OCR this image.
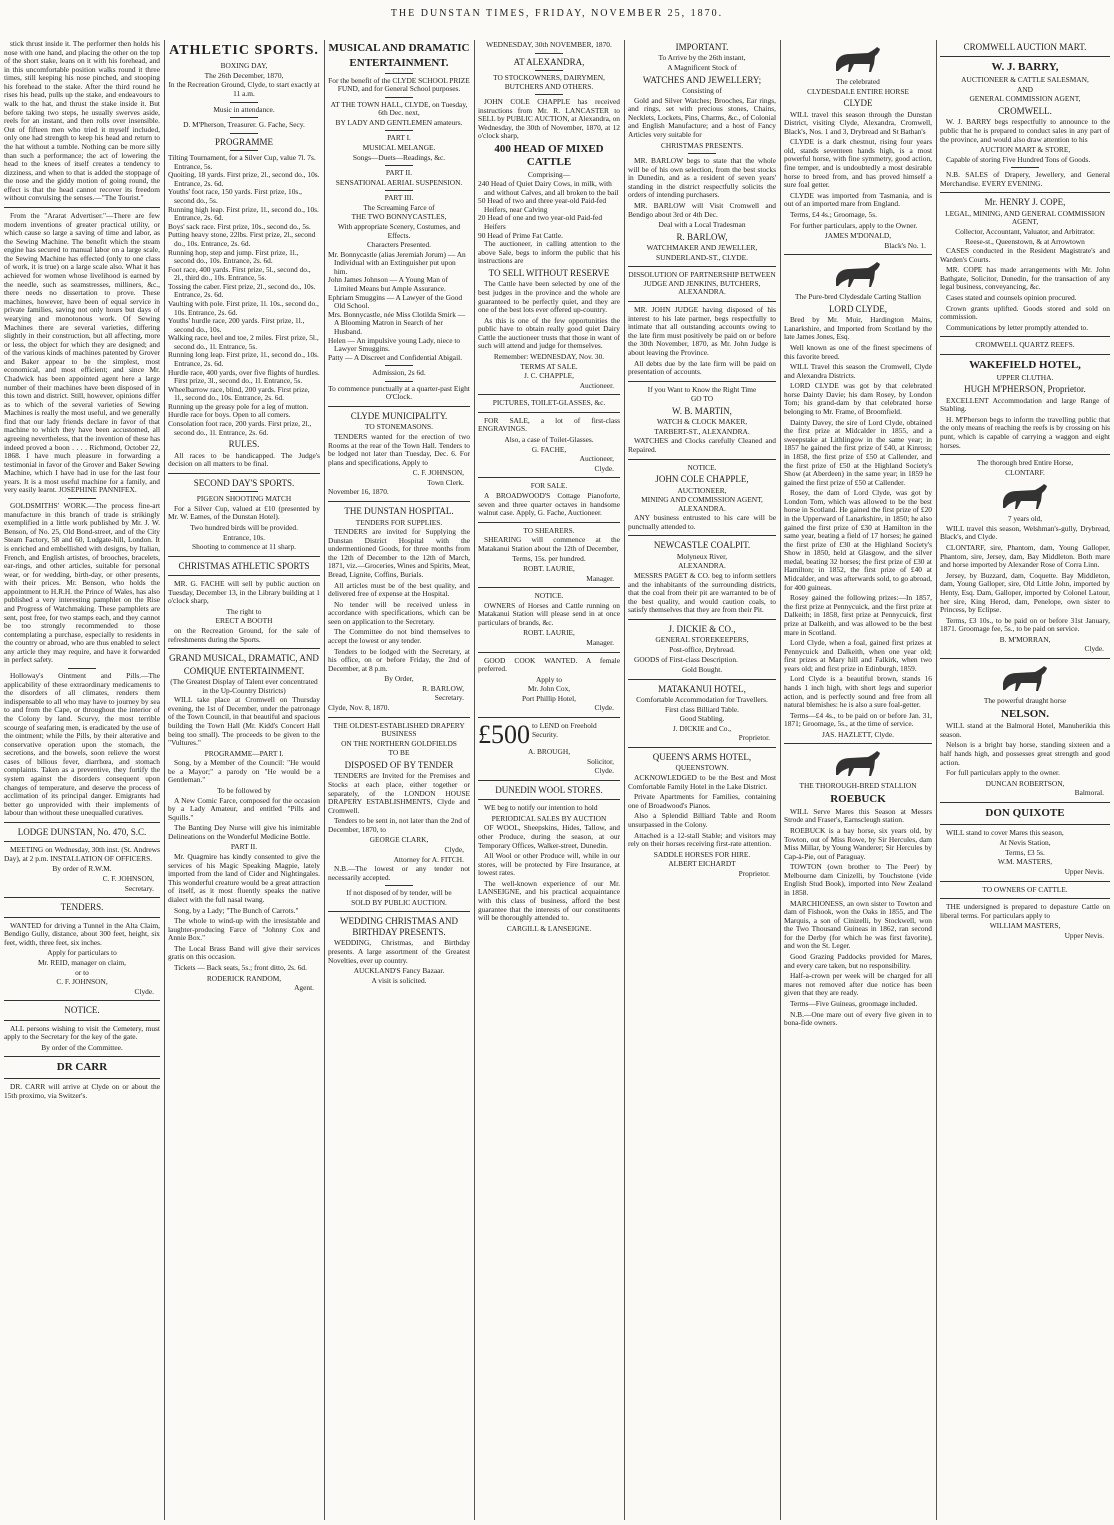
THE DUNSTAN TIMES, FRIDAY, NOVEMBER 25, 1870.

stick thrust inside it. The performer then holds his nose with one hand, and placing the other on the top of the short stake, leans on it with his forehead, and in this uncomfortable position walks round it three times, still keeping his nose pinched, and stooping his forehead to the stake. After the third round he rises his head, pulls up the stake, and endeavours to walk to the hat, and thrust the stake inside it. But before taking two steps, he usually swerves aside, reels for an instant, and then rolls over insensible. Out of fifteen men who tried it myself included, only one had strength to keep his head and return to the hat without a tumble. Nothing can be more silly than such a performance; the act of lowering the head to the knees of itself creates a tendency to dizziness, and when to that is added the stoppage of the nose and the giddy motion of going round, the effect is that the head cannot recover its freedom without convulsing the senses.—"The Tourist."

From the "Ararat Advertiser."—There are few modern inventions of greater practical utility, or which cause so large a saving of time and labor, as the Sewing Machine. The benefit which the steam engine has secured to manual labor on a large scale, the Sewing Machine has effected (only to one class of work, it is true) on a large scale also. What it has achieved for women whose livelihood is earned by the needle, such as seamstresses, milliners, &c., there needs no dissertation to prove. These machines, however, have been of equal service in private families, saving not only hours but days of wearying and monotonous work. Of Sewing Machines there are several varieties, differing slightly in their construction, but all affecting, more or less, the object for which they are designed; and of the various kinds of machines patented by Grover and Baker appear to be the simplest, most economical, and most efficient; and since Mr. Chadwick has been appointed agent here a large number of their machines have been disposed of in this town and district. Still, however, opinions differ as to which of the several varieties of Sewing Machines is really the most useful, and we generally find that our lady friends declare in favor of that machine to which they have been accustomed, all agreeing nevertheless, that the invention of these has indeed proved a boon . . . . Richmond, October 22, 1868. I have much pleasure in forwarding a testimonial in favor of the Grover and Baker Sewing Machine, which I have had in use for the last four years. It is a most useful machine for a family, and very easily learnt. JOSEPHINE PANNIFEX.

GOLDSMITHS' WORK.—The process fine-art manufacture in this branch of trade is strikingly exemplified in a little work published by Mr. J. W. Benson, of No. 25, Old Bond-street, and of the City Steam Factory, 58 and 60, Ludgate-hill, London. It is enriched and embellished with designs, by Italian, French, and English artistes, of brooches, bracelets, ear-rings, and other articles, suitable for personal wear, or for wedding, birth-day, or other presents, with their prices. Mr. Benson, who holds the appointment to H.R.H. the Prince of Wales, has also published a very interesting pamphlet on the Rise and Progress of Watchmaking. These pamphlets are sent, post free, for two stamps each, and they cannot be too strongly recommended to those contemplating a purchase, especially to residents in the country or abroad, who are thus enabled to select any article they may require, and have it forwarded in perfect safety.

Holloway's Ointment and Pills.—The applicability of these extraordinary medicaments to the disorders of all climates, renders them indispensable to all who may have to journey by sea to and from the Cape, or throughout the interior of the Colony by land. Scurvy, the most terrible scourge of seafaring men, is eradicated by the use of the ointment; while the Pills, by their alterative and conservative operation upon the stomach, the secretions, and the bowels, soon relieve the worst cases of bilious fever, diarrhœa, and stomach complaints. Taken as a preventive, they fortify the system against the disorders consequent upon changes of temperature, and deserve the process of acclimation of its principal danger. Emigrants had better go unprovided with their implements of labour than without these unequalled curatives.

LODGE DUNSTAN, No. 470, S.C.

MEETING on Wednesday, 30th inst. (St. Andrews Day), at 2 p.m. INSTALLATION OF OFFICERS.

By order of R.W.M.
C. F. JOHNSON,
Secretary.
TENDERS.

WANTED for driving a Tunnel in the Alta Claim, Bendigo Gully, distance, about 300 feet, height, six feet, width, three feet, six inches.

Apply for particulars to
Mr. REID, manager on claim,
or to
C. F. JOHNSON,
Clyde.
NOTICE.

ALL persons wishing to visit the Cemetery, must apply to the Secretary for the key of the gate.

By order of the Committee.
DR CARR

DR. CARR will arrive at Clyde on or about the 15th proximo, via Switzer's.

ATHLETIC SPORTS.
BOXING DAY,
The 26th December, 1870,
In the Recreation Ground, Clyde, to start exactly at 11 a.m.
Music in attendance.
D. M'Pherson, Treasurer. G. Fache, Secy.
PROGRAMME
Tilting Tournament, for a Silver Cup, value 7l. 7s. Entrance, 5s.
Quoiting, 18 yards. First prize, 2l., second do., 10s. Entrance, 2s. 6d.
Youths' foot race, 150 yards. First prize, 10s., second do., 5s.
Running high leap. First prize, 1l., second do., 10s. Entrance, 2s. 6d.
Boys' sack race. First prize, 10s., second do., 5s.
Putting heavy stone, 22lbs. First prize, 2l., second do., 10s. Entrance, 2s. 6d.
Running hop, step and jump. First prize, 1l., second do., 10s. Entrance, 2s. 6d.
Foot race, 400 yards. First prize, 5l., second do., 2l., third do., 10s. Entrance, 5s.
Tossing the caber. First prize, 2l., second do., 10s. Entrance, 2s. 6d.
Vaulting with pole. First prize, 1l. 10s., second do., 10s. Entrance, 2s. 6d.
Youths' hurdle race, 200 yards. First prize, 1l., second do., 10s.
Walking race, heel and toe, 2 miles. First prize, 5l., second do., 1l. Entrance, 5s.
Running long leap. First prize, 1l., second do., 10s. Entrance, 2s. 6d.
Hurdle race, 400 yards, over five flights of hurdles. First prize, 3l., second do., 1l. Entrance, 5s.
Wheelbarrow race, blind, 200 yards. First prize, 1l., second do., 10s. Entrance, 2s. 6d.
Running up the greasy pole for a leg of mutton.
Hurdle race for boys. Open to all comers.
Consolation foot race, 200 yards. First prize, 2l., second do., 1l. Entrance, 2s. 6d.
RULES.

All races to be handicapped. The Judge's decision on all matters to be final.

SECOND DAY'S SPORTS.
PIGEON SHOOTING MATCH

For a Silver Cup, valued at £10 (presented by Mr. W. Eames, of the Dunstan Hotel).

Two hundred birds will be provided.
Entrance, 10s.
Shooting to commence at 11 sharp.
CHRISTMAS ATHLETIC SPORTS

MR. G. FACHE will sell by public auction on Tuesday, December 13, in the Library building at 1 o'clock sharp,

The right to
ERECT A BOOTH

on the Recreation Ground, for the sale of refreshments during the Sports.

GRAND MUSICAL, DRAMATIC, AND
COMIQUE ENTERTAINMENT.
(The Greatest Display of Talent ever concentrated in the Up-Country Districts)

WILL take place at Cromwell on Thursday evening, the 1st of December, under the patronage of the Town Council, in that beautiful and spacious building the Town Hall (Mr. Kidd's Concert Hall being too small). The proceeds to be given to the "Vultures."

PROGRAMME—PART I.

Song, by a Member of the Council: "He would be a Mayor;" a parody on "He would be a Gentleman."

To be followed by

A New Comic Farce, composed for the occasion by a Lady Amateur, and entitled "Pills and Squills."

The Banting Dey Nurse will give his inimitable Delineations on the Wonderful Medicine Bottle.

PART II.

Mr. Quagmire has kindly consented to give the services of his Magic Speaking Magpie, lately imported from the land of Cider and Nightingales. This wonderful creature would be a great attraction of itself, as it most fluently speaks the native dialect with the full nasal twang.

Song, by a Lady; "The Bunch of Carrots."

The whole to wind-up with the irresistable and laughter-producing Farce of "Johnny Cox and Annie Box."

The Local Brass Band will give their services gratis on this occasion.

Tickets — Back seats, 5s.; front ditto, 2s. 6d.

RODERICK RANDOM,
Agent.
MUSICAL AND DRAMATIC
ENTERTAINMENT.
For the benefit of the CLYDE SCHOOL PRIZE FUND, and for General School purposes.
AT THE TOWN HALL, CLYDE, on Tuesday, 6th Dec. next,
BY LADY AND GENTLEMEN amateurs.
PART I.
MUSICAL MELANGE.
Songs—Duets—Readings, &c.
PART II.
SENSATIONAL AERIAL SUSPENSION.
PART III.
The Screaming Farce of
THE TWO BONNYCASTLES,
With appropriate Scenery, Costumes, and Effects.
Characters Presented.
Mr. Bonnycastle (alias Jeremiah Jorum) — An Individual with an Extinguisher put upon him.
John James Johnson — A Young Man of Limited Means but Ample Assurance.
Ephriam Smuggins — A Lawyer of the Good Old School.
Mrs. Bonnycastle, née Miss Clotilda Smirk — A Blooming Matron in Search of her Husband.
Helen — An impulsive young Lady, niece to Lawyer Smuggins.
Patty — A Discreet and Confidential Abigail.
Admission, 2s 6d.
To commence punctually at a quarter-past Eight O'Clock.
CLYDE MUNICIPALITY.
TO STONEMASONS.

TENDERS wanted for the erection of two Rooms at the rear of the Town Hall. Tenders to be lodged not later than Tuesday, Dec. 6. For plans and specifications, Apply to

C. F. JOHNSON,
Town Clerk.
November 16, 1870.
THE DUNSTAN HOSPITAL.
TENDERS FOR SUPPLIES.

TENDERS are invited for Supplying the Dunstan District Hospital with the undermentioned Goods, for three months from the 12th of December to the 12th of March, 1871, viz.—Groceries, Wines and Spirits, Meat, Bread, Lignite, Coffins, Burials.

All articles must be of the best quality, and delivered free of expense at the Hospital.

No tender will be received unless in accordance with specifications, which can be seen on application to the Secretary.

The Committee do not bind themselves to accept the lowest or any tender.

Tenders to be lodged with the Secretary, at his office, on or before Friday, the 2nd of December, at 8 p.m.

By Order,
R. BARLOW,
Secretary.
Clyde, Nov. 8, 1870.
THE OLDEST-ESTABLISHED DRAPERY BUSINESS
ON THE NORTHERN GOLDFIELDS
TO BE
DISPOSED OF BY TENDER

TENDERS are Invited for the Premises and Stocks at each place, either together or separately, of the LONDON HOUSE DRAPERY ESTABLISHMENTS, Clyde and Cromwell.

Tenders to be sent in, not later than the 2nd of December, 1870, to

GEORGE CLARK,
Clyde,
Attorney for A. FITCH.

N.B.—The lowest or any tender not necessarily accepted.

If not disposed of by tender, will be
SOLD BY PUBLIC AUCTION.
WEDDING CHRISTMAS AND BIRTHDAY PRESENTS.

WEDDING, Christmas, and Birthday presents. A large assortment of the Greatest Novelties, ever up country.

AUCKLAND'S Fancy Bazaar.
A visit is solicited.
WEDNESDAY, 30th NOVEMBER, 1870.
AT ALEXANDRA,
TO STOCKOWNERS, DAIRYMEN, BUTCHERS AND OTHERS.

JOHN COLE CHAPPLE has received instructions from Mr. R. LANCASTER to SELL by PUBLIC AUCTION, at Alexandra, on Wednesday, the 30th of November, 1870, at 12 o'clock sharp,

400 HEAD OF MIXED CATTLE
Comprising—
240 Head of Quiet Dairy Cows, in milk, with and without Calves, and all broken to the bail
50 Head of two and three year-old Paid-fed Heifers, near Calving
20 Head of one and two year-old Paid-fed Heifers
90 Head of Prime Fat Cattle.

The auctioneer, in calling attention to the above Sale, begs to inform the public that his instructions are

TO SELL WITHOUT RESERVE

The Cattle have been selected by one of the best judges in the province and the whole are guaranteed to be perfectly quiet, and they are one of the best lots ever offered up-country.

As this is one of the few opportunities the public have to obtain really good quiet Dairy Cattle the auctioneer trusts that those in want of such will attend and judge for themselves.

Remember: WEDNESDAY, Nov. 30.
TERMS AT SALE.
J. C. CHAPPLE,
Auctioneer.
PICTURES, TOILET-GLASSES, &c.

FOR SALE, a lot of first-class ENGRAVINGS.

Also, a case of Toilet-Glasses.
G. FACHE,
Auctioneer,
Clyde.
FOR SALE.

A BROADWOOD'S Cottage Pianoforte, seven and three quarter octaves in handsome walnut case. Apply, G. Fache, Auctioneer.

TO SHEARERS.

SHEARING will commence at the Matakanui Station about the 12th of December,

Terms, 15s. per hundred.
ROBT. LAURIE,
Manager.
NOTICE.

OWNERS of Horses and Cattle running on Matakanui Station will please send in at once particulars of brands, &c.

ROBT. LAURIE,
Manager.

GOOD COOK WANTED. A female preferred.

Apply to
Mr. John Cox,
Port Phillip Hotel,
Clyde.
£500 to LEND on Freehold Security.
A. BROUGH,
Solicitor,
Clyde.
DUNEDIN WOOL STORES.

WE beg to notify our intention to hold

PERIODICAL SALES BY AUCTION

OF WOOL, Sheepskins, Hides, Tallow, and other Produce, during the season, at our Temporary Offices, Walker-street, Dunedin.

All Wool or other Produce will, while in our stores, will be protected by Fire Insurance, at lowest rates.

The well-known experience of our Mr. LANSEIGNE, and his practical acquaintance with this class of business, afford the best guarantee that the interests of our constituents will be thoroughly attended to.

CARGILL & LANSEIGNE.
IMPORTANT.
To Arrive by the 26th instant,
A Magnificent Stock of
WATCHES AND JEWELLERY;
Consisting of

Gold and Silver Watches; Brooches, Ear rings, and rings, set with precious stones, Chains, Necklets, Lockets, Pins, Charms, &c., of Colonial and English Manufacture; and a host of Fancy Articles very suitable for

CHRISTMAS PRESENTS.

MR. BARLOW begs to state that the whole will be of his own selection, from the best stocks in Dunedin, and as a resident of seven years' standing in the district respectfully solicits the orders of intending purchasers.

MR. BARLOW will Visit Cromwell and Bendigo about 3rd or 4th Dec.

Deal with a Local Tradesman
R. BARLOW,
WATCHMAKER AND JEWELLER,
SUNDERLAND-ST., CLYDE.
DISSOLUTION OF PARTNERSHIP BETWEEN JUDGE AND JENKINS, BUTCHERS, ALEXANDRA.

MR. JOHN JUDGE having disposed of his interest to his late partner, begs respectfully to intimate that all outstanding accounts owing to the late firm must positively be paid on or before the 30th November, 1870, as Mr. John Judge is about leaving the Province.

All debts due by the late firm will be paid on presentation of accounts.

If you Want to Know the Right Time
GO TO
W. B. MARTIN,
WATCH & CLOCK MAKER,
TARBERT-ST., ALEXANDRA.

WATCHES and Clocks carefully Cleaned and Repaired.

NOTICE.
JOHN COLE CHAPPLE,
AUCTIONEER,
MINING AND COMMISSION AGENT, ALEXANDRA.

ANY business entrusted to his care will be punctually attended to.

NEWCASTLE COALPIT.
Molyneux River,
ALEXANDRA.

MESSRS PAGET & CO. beg to inform settlers and the inhabitants of the surrounding districts, that the coal from their pit are warranted to be of the best quality, and would caution coals, to satisfy themselves that they are from their Pit.

J. DICKIE & CO.,
GENERAL STOREKEEPERS,
Post-office, Drybread.

GOODS of First-class Description.

Gold Bought.
MATAKANUI HOTEL,
Comfortable Accommodation for Travellers.
First class Billiard Table.
Good Stabling.
J. DICKIE and Co.,
Proprietor.
QUEEN'S ARMS HOTEL,
QUEENSTOWN.

ACKNOWLEDGED to be the Best and Most Comfortable Family Hotel in the Lake District.

Private Apartments for Families, containing one of Broadwood's Pianos.

Also a Splendid Billiard Table and Room unsurpassed in the Colony.

Attached is a 12-stall Stable; and visitors may rely on their horses receiving first-rate attention.

SADDLE HORSES FOR HIRE.
ALBERT EICHARDT
Proprietor.
The celebrated
CLYDESDALE ENTIRE HORSE
CLYDE

WILL travel this season through the Dunstan District, visiting Clyde, Alexandra, Cromwell, Black's, Nos. 1 and 3, Drybread and St Bathan's

CLYDE is a dark chestnut, rising four years old, stands seventeen hands high, is a most powerful horse, with fine symmetry, good action, fine temper, and is undoubtedly a most desirable horse to breed from, and has proved himself a sure foal getter.

CLYDE was imported from Tasmania, and is out of an imported mare from England.

Terms, £4 4s.; Groomage, 5s.

For further particulars, apply to the Owner.

JAMES M'DONALD,
Black's No. 1.
The Pure-bred Clydesdale Carting Stallion
LORD CLYDE,

Bred by Mr. Muir, Hardington Mains, Lanarkshire, and Imported from Scotland by the late James Jones, Esq.

Well known as one of the finest specimens of this favorite breed.

WILL Travel this season the Cromwell, Clyde and Alexandra Districts.

LORD CLYDE was got by that celebrated horse Dainty Davie; his dam Rosey, by London Tom; his grand-dam by that celebrated horse belonging to Mr. Frame, of Broomfield.

Dainty Davey, the sire of Lord Clyde, obtained the first prize at Midcalder in 1855, and a sweepstake at Lithlingow in the same year; in 1857 he gained the first prize of £40, at Kinross; in 1858, the first prize of £50 at Callender, and the first prize of £50 at the Highland Society's Show (at Aberdeen) in the same year; in 1859 he gained the first prize of £50 at Callender.

Rosey, the dam of Lord Clyde, was got by London Tom, which was allowed to be the best horse in Scotland. He gained the first prize of £20 in the Upperward of Lanarkshire, in 1850; he also gained the first prize of £30 at Hamilton in the same year, beating a field of 17 horses; he gained the first prize of £30 at the Highland Society's Show in 1850, held at Glasgow, and the silver medal, beating 32 horses; the first prize of £30 at Hamilton; in 1852, the first prize of £40 at Midcalder, and was afterwards sold, to go abroad, for 400 guineas.

Rosey gained the following prizes:—In 1857, the first prize at Pennycuick, and the first prize at Dalkeith; in 1858, first prize at Pennycuick, first prize at Dalkeith, and was allowed to be the best mare in Scotland.

Lord Clyde, when a foal, gained first prizes at Pennycuick and Dalkeith, when one year old; first prizes at Mary hill and Falkirk, when two years old; and first prize in Edinburgh, 1859.

Lord Clyde is a beautiful brown, stands 16 hands 1 inch high, with short legs and superior action, and is perfectly sound and free from all natural blemishes: he is also a sure foal-getter.

Terms—£4 4s., to be paid on or before Jan. 31, 1871; Groomage, 5s., at the time of service.

JAS. HAZLETT, Clyde.
THE THOROUGH-BRED STALLION
ROEBUCK

WILL Serve Mares this Season at Messrs Strode and Fraser's, Earnscleugh station.

ROEBUCK is a bay horse, six years old, by Towton, out of Miss Rowe, by Sir Hercules, dam Miss Millar, by Young Wanderer; Sir Hercules by Cap-à-Pie, out of Paraguay.

TOWTON (own brother to The Peer) by Melbourne dam Cinizelli, by Touchstone (vide English Stud Book), imported into New Zealand in 1858.

MARCHIONESS, an own sister to Towton and dam of Fishook, won the Oaks in 1855, and The Marquis, a son of Cinizelli, by Stockwell, won the Two Thousand Guineas in 1862, ran second for the Derby (for which he was first favorite), and won the St. Leger.

Good Grazing Paddocks provided for Mares, and every care taken, but no responsibility.

Half-a-crown per week will be charged for all mares not removed after due notice has been given that they are ready.

Terms—Five Guineas, groomage included.

N.B.—One mare out of every five given in to bona-fide owners.

CROMWELL AUCTION MART.
W. J. BARRY,
AUCTIONEER & CATTLE SALESMAN,
AND
GENERAL COMMISSION AGENT,
CROMWELL.

W. J. BARRY begs respectfully to announce to the public that he is prepared to conduct sales in any part of the province, and would also draw attention to his

AUCTION MART & STORE,

Capable of storing Five Hundred Tons of Goods.

N.B. SALES of Drapery, Jewellery, and General Merchandise. EVERY EVENING.

Mr. HENRY J. COPE,
LEGAL, MINING, AND GENERAL COMMISSION AGENT,
Collector, Accountant, Valuator, and Arbitrator.
Reese-st., Queenstown, & at Arrowtown

CASES conducted in the Resident Magistrate's and Warden's Courts.

MR. COPE has made arrangements with Mr. John Bathgate, Solicitor, Dunedin, for the transaction of any legal business, conveyancing, &c.

Cases stated and counsels opinion procured.

Crown grants uplifted. Goods stored and sold on commission.

Communications by letter promptly attended to.

CROMWELL QUARTZ REEFS.
WAKEFIELD HOTEL,
UPPER CLUTHA.
HUGH M'PHERSON, Proprietor.

EXCELLENT Accommodation and large Range of Stabling.

H. M'Pherson begs to inform the travelling public that the only means of reaching the reefs is by crossing on his punt, which is capable of carrying a waggon and eight horses.

The thorough bred Entire Horse,
CLONTARF.
7 years old,

WILL travel this season, Welshman's-gully, Drybread, Black's, and Clyde.

CLONTARF, sire, Phantom, dam, Young Galloper, Phantom, sire, Jersey, dam, Bay Middleton. Both mare and horse imported by Alexander Rose of Corra Linn.

Jersey, by Buzzard, dam, Coquette. Bay Middleton, dam, Young Galloper, sire, Old Little John, imported by Henty, Esq. Dam, Galloper, imported by Colonel Latour, her sire, King Herod, dam, Penelope, own sister to Princess, by Eclipse.

Terms, £3 10s., to be paid on or before 31st January, 1871. Groomage fee, 5s., to be paid on service.

B. M'MORRAN,
Clyde.
The powerful draught horse
NELSON.

WILL stand at the Balmoral Hotel, Manuherikia this season.

Nelson is a bright bay horse, standing sixteen and a half hands high, and possesses great strength and good action.

For full particulars apply to the owner.

DUNCAN ROBERTSON,
Balmoral.
DON QUIXOTE

WILL stand to cover Mares this season,

At Nevis Station,
Terms, £3 5s.
W.M. MASTERS,
Upper Nevis.
TO OWNERS OF CATTLE.

THE undersigned is prepared to depasture Cattle on liberal terms. For particulars apply to

WILLIAM MASTERS,
Upper Nevis.
